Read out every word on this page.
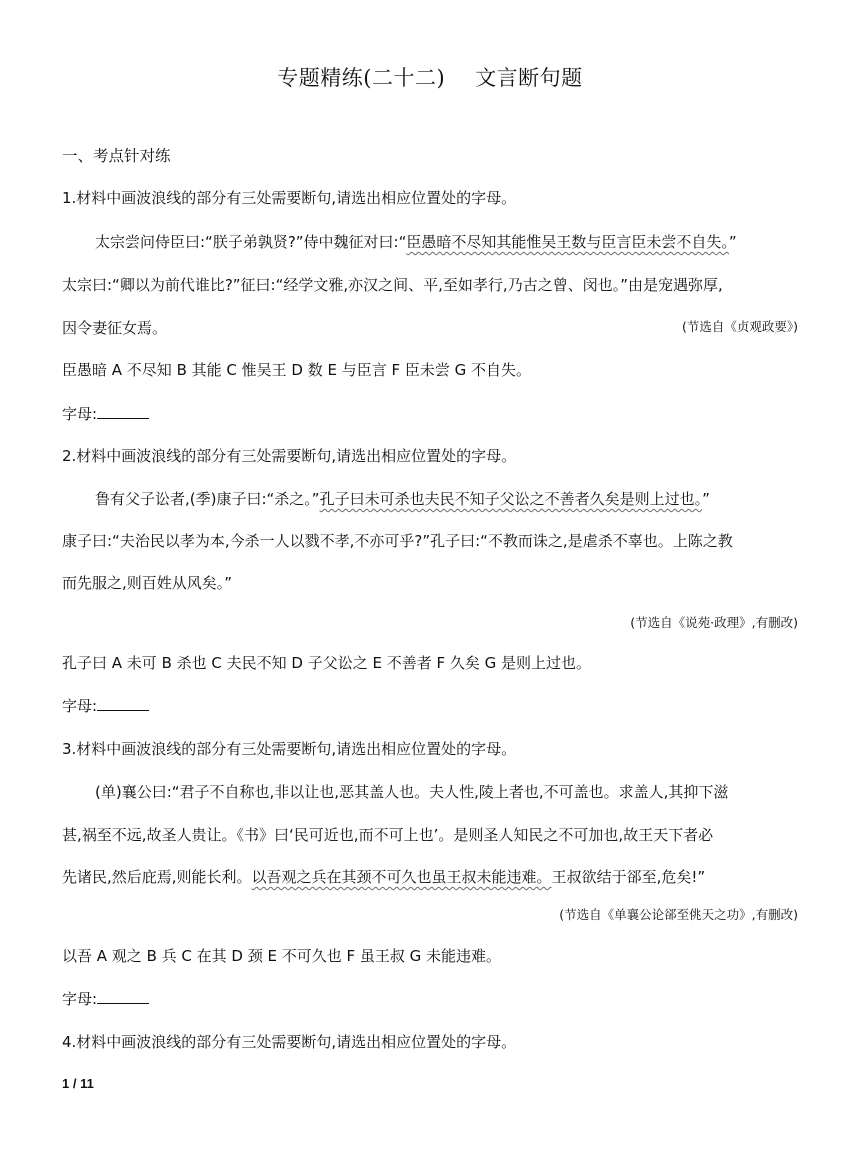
专题精练(二十二) 文言断句题
一、考点针对练
1.材料中画波浪线的部分有三处需要断句,请选出相应位置处的字母。
太宗尝问侍臣曰:“朕子弟孰贤?”侍中魏征对曰:“臣愚暗不尽知其能惟吴王数与臣言臣未尝不自失。”
太宗曰:“卿以为前代谁比?”征曰:“经学文雅,亦汉之间、平,至如孝行,乃古之曾、闵也。”由是宠遇弥厚,
因令妻征女焉。	(节选自《贞观政要》)
臣愚暗 A 不尽知 B 其能 C 惟吴王 D 数 E 与臣言 F 臣未尝 G 不自失。
字母:
2.材料中画波浪线的部分有三处需要断句,请选出相应位置处的字母。
鲁有父子讼者,(季)康子曰:“杀之。”孔子曰未可杀也夫民不知子父讼之不善者久矣是则上过也。”
康子曰:“夫治民以孝为本,今杀一人以戮不孝,不亦可乎?”孔子曰:“不教而诛之,是虐杀不辜也。上陈之教
而先服之,则百姓从风矣。”
(节选自《说苑·政理》,有删改)
孔子曰 A 未可 B 杀也 C 夫民不知 D 子父讼之 E 不善者 F 久矣 G 是则上过也。
字母:
3.材料中画波浪线的部分有三处需要断句,请选出相应位置处的字母。
(单)襄公曰:“君子不自称也,非以让也,恶其盖人也。夫人性,陵上者也,不可盖也。求盖人,其抑下滋
甚,祸至不远,故圣人贵让。《书》曰‘民可近也,而不可上也’。是则圣人知民之不可加也,故王天下者必
先诸民,然后庇焉,则能长利。以吾观之兵在其颈不可久也虽王叔未能违难。王叔欲结于郤至,危矣!”
(节选自《单襄公论郤至佻天之功》,有删改)
以吾 A 观之 B 兵 C 在其 D 颈 E 不可久也 F 虽王叔 G 未能违难。
字母:
4.材料中画波浪线的部分有三处需要断句,请选出相应位置处的字母。
1 / 11
